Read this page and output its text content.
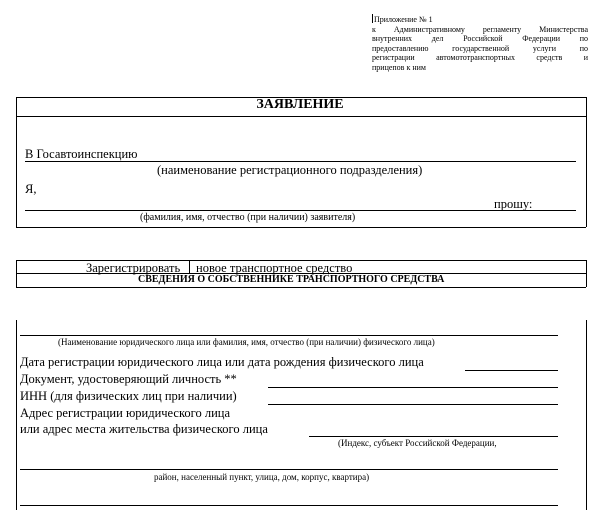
Приложение № 1
к Административному регламенту Министерства
внутренних дел Российской Федерации по
предоставлению государственной услуги по
регистрации автомототранспортных средств и
прицепов к ним
ЗАЯВЛЕНИЕ
В Госавтоинспекцию
(наименование регистрационного подразделения)
Я,
прошу:
(фамилия, имя, отчество (при наличии) заявителя)
Зарегистрировать новое транспортное средство
СВЕДЕНИЯ О СОБСТВЕННИКЕ ТРАНСПОРТНОГО СРЕДСТВА
(Наименование юридического лица или фамилия, имя, отчество (при наличии) физического лица)
Дата регистрации юридического лица или дата рождения физического лица
Документ, удостоверяющий личность **
ИНН (для физических лиц при наличии)
Адрес регистрации юридического лица
или адрес места жительства физического лица
(Индекс, субъект Российской Федерации,
район, населенный пункт, улица, дом, корпус, квартира)
